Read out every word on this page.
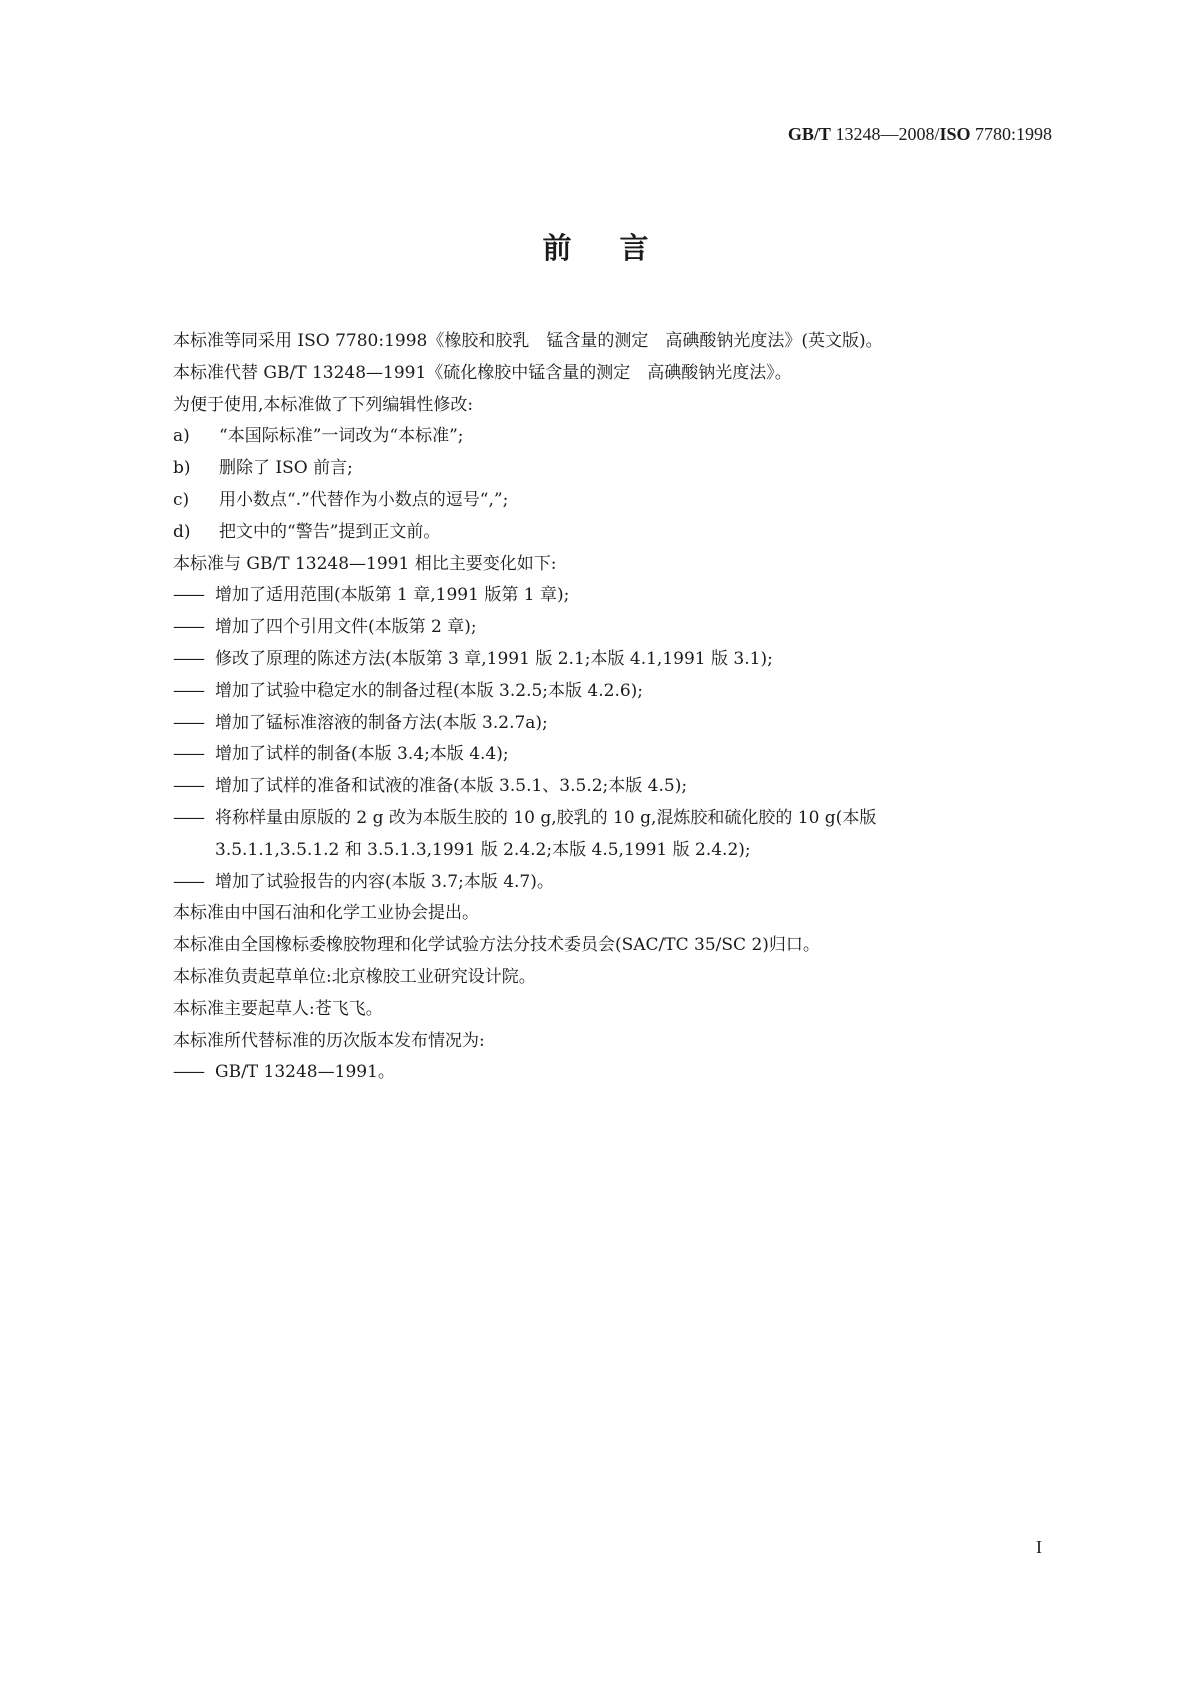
GB/T 13248—2008/ISO 7780:1998
前言
本标准等同采用 ISO 7780:1998《橡胶和胶乳　锰含量的测定　高碘酸钠光度法》(英文版)。
本标准代替 GB/T 13248—1991《硫化橡胶中锰含量的测定　高碘酸钠光度法》。
为便于使用,本标准做了下列编辑性修改:
a) “本国际标准”一词改为“本标准”;
b) 删除了 ISO 前言;
c) 用小数点“.”代替作为小数点的逗号“,”;
d) 把文中的“警告”提到正文前。
本标准与 GB/T 13248—1991 相比主要变化如下:
—— 增加了适用范围(本版第 1 章,1991 版第 1 章);
—— 增加了四个引用文件(本版第 2 章);
—— 修改了原理的陈述方法(本版第 3 章,1991 版 2.1;本版 4.1,1991 版 3.1);
—— 增加了试验中稳定水的制备过程(本版 3.2.5;本版 4.2.6);
—— 增加了锰标准溶液的制备方法(本版 3.2.7a);
—— 增加了试样的制备(本版 3.4;本版 4.4);
—— 增加了试样的准备和试液的准备(本版 3.5.1、3.5.2;本版 4.5);
—— 将称样量由原版的 2 g 改为本版生胶的 10 g,胶乳的 10 g,混炼胶和硫化胶的 10 g(本版
3.5.1.1,3.5.1.2 和 3.5.1.3,1991 版 2.4.2;本版 4.5,1991 版 2.4.2);
—— 增加了试验报告的内容(本版 3.7;本版 4.7)。
本标准由中国石油和化学工业协会提出。
本标准由全国橡标委橡胶物理和化学试验方法分技术委员会(SAC/TC 35/SC 2)归口。
本标准负责起草单位:北京橡胶工业研究设计院。
本标准主要起草人:苍飞飞。
本标准所代替标准的历次版本发布情况为:
—— GB/T 13248—1991。
I
